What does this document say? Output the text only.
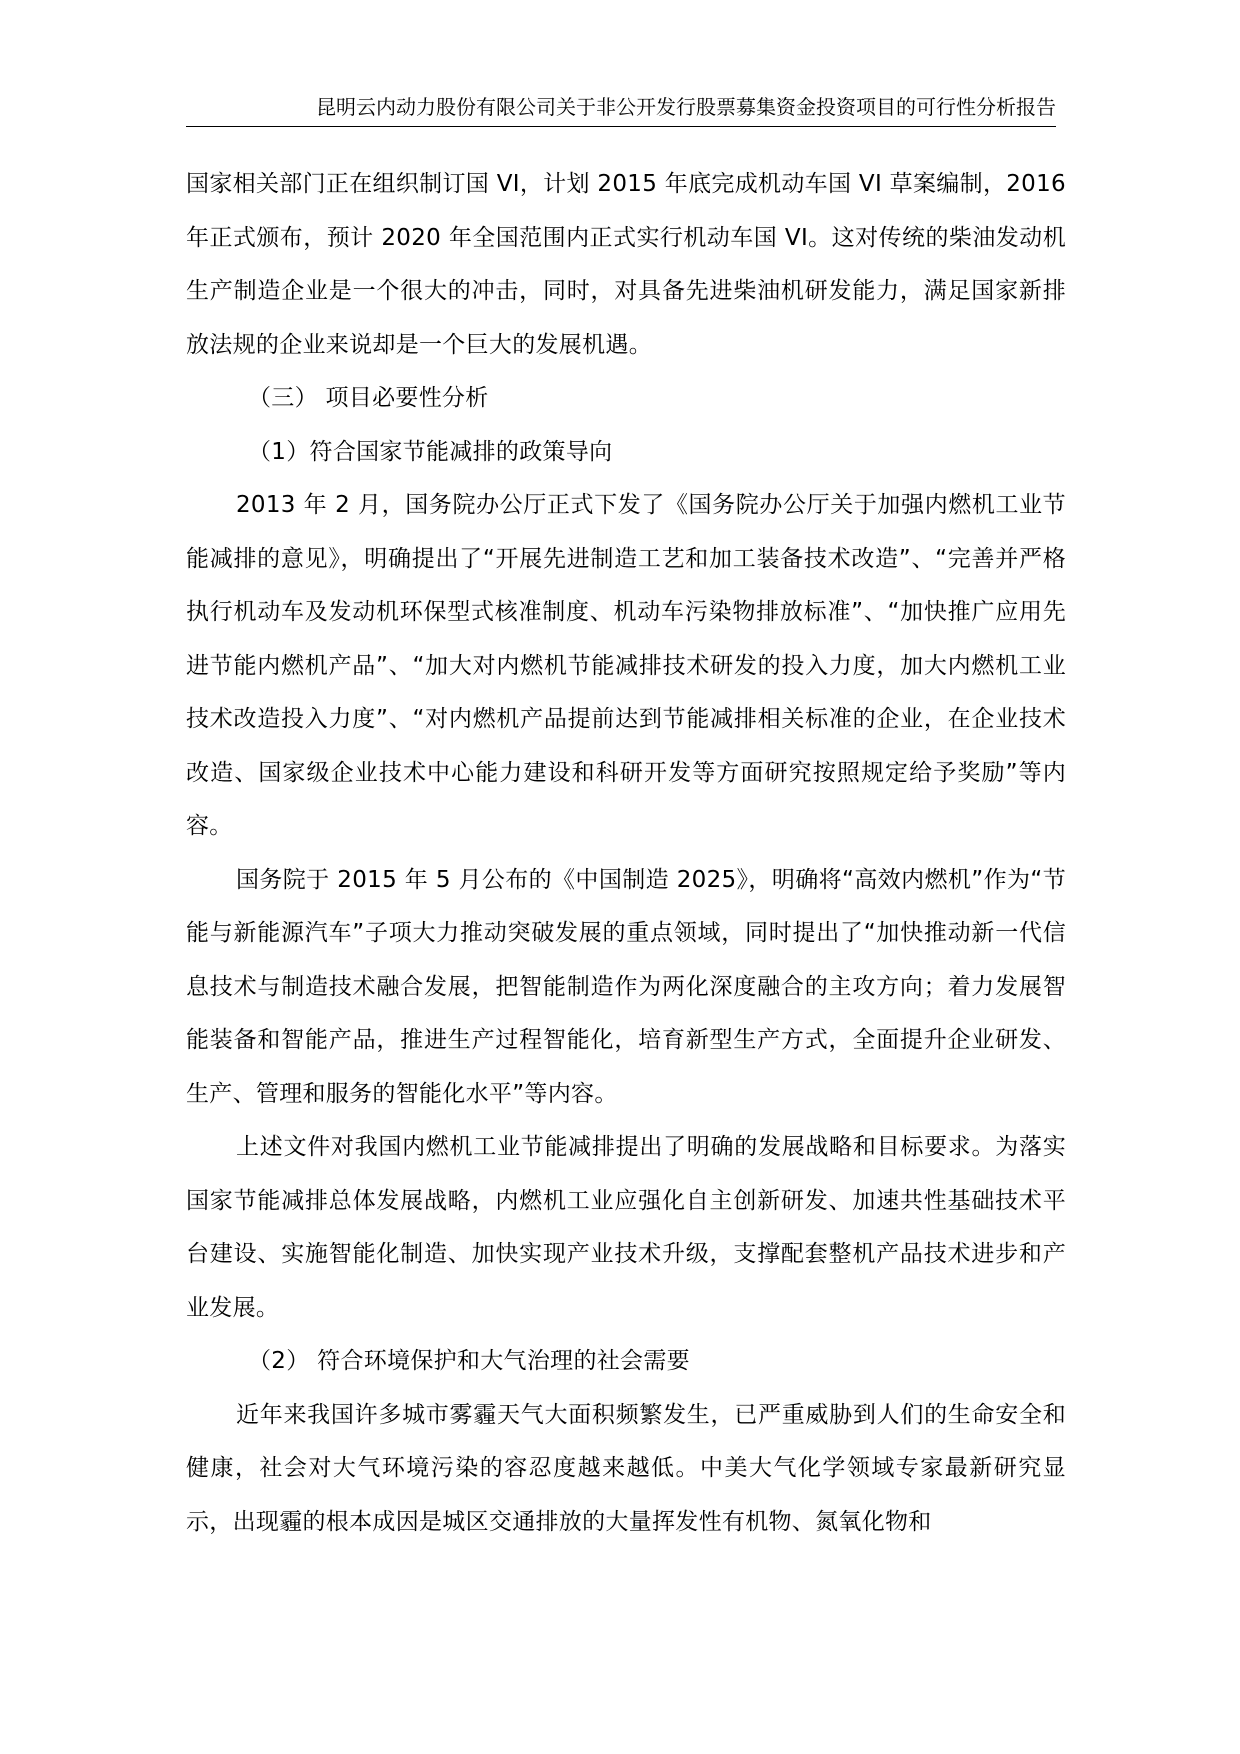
昆明云内动力股份有限公司关于非公开发行股票募集资金投资项目的可行性分析报告

国家相关部门正在组织制订国 VI，计划 2015 年底完成机动车国 VI 草案编制，2016 年正式颁布，预计 2020 年全国范围内正式实行机动车国 VI。这对传统的柴油发动机生产制造企业是一个很大的冲击，同时，对具备先进柴油机研发能力，满足国家新排放法规的企业来说却是一个巨大的发展机遇。

（三） 项目必要性分析

（1）符合国家节能减排的政策导向

2013 年 2 月，国务院办公厅正式下发了《国务院办公厅关于加强内燃机工业节能减排的意见》，明确提出了“开展先进制造工艺和加工装备技术改造”、“完善并严格执行机动车及发动机环保型式核准制度、机动车污染物排放标准”、“加快推广应用先进节能内燃机产品”、“加大对内燃机节能减排技术研发的投入力度，加大内燃机工业技术改造投入力度”、“对内燃机产品提前达到节能减排相关标准的企业，在企业技术改造、国家级企业技术中心能力建设和科研开发等方面研究按照规定给予奖励”等内容。

国务院于 2015 年 5 月公布的《中国制造 2025》，明确将“高效内燃机”作为“节能与新能源汽车”子项大力推动突破发展的重点领域，同时提出了“加快推动新一代信息技术与制造技术融合发展，把智能制造作为两化深度融合的主攻方向；着力发展智能装备和智能产品，推进生产过程智能化，培育新型生产方式，全面提升企业研发、生产、管理和服务的智能化水平”等内容。

上述文件对我国内燃机工业节能减排提出了明确的发展战略和目标要求。为落实国家节能减排总体发展战略，内燃机工业应强化自主创新研发、加速共性基础技术平台建设、实施智能化制造、加快实现产业技术升级，支撑配套整机产品技术进步和产业发展。

（2） 符合环境保护和大气治理的社会需要

近年来我国许多城市雾霾天气大面积频繁发生，已严重威胁到人们的生命安全和健康，社会对大气环境污染的容忍度越来越低。中美大气化学领域专家最新研究显示，出现霾的根本成因是城区交通排放的大量挥发性有机物、氮氧化物和
